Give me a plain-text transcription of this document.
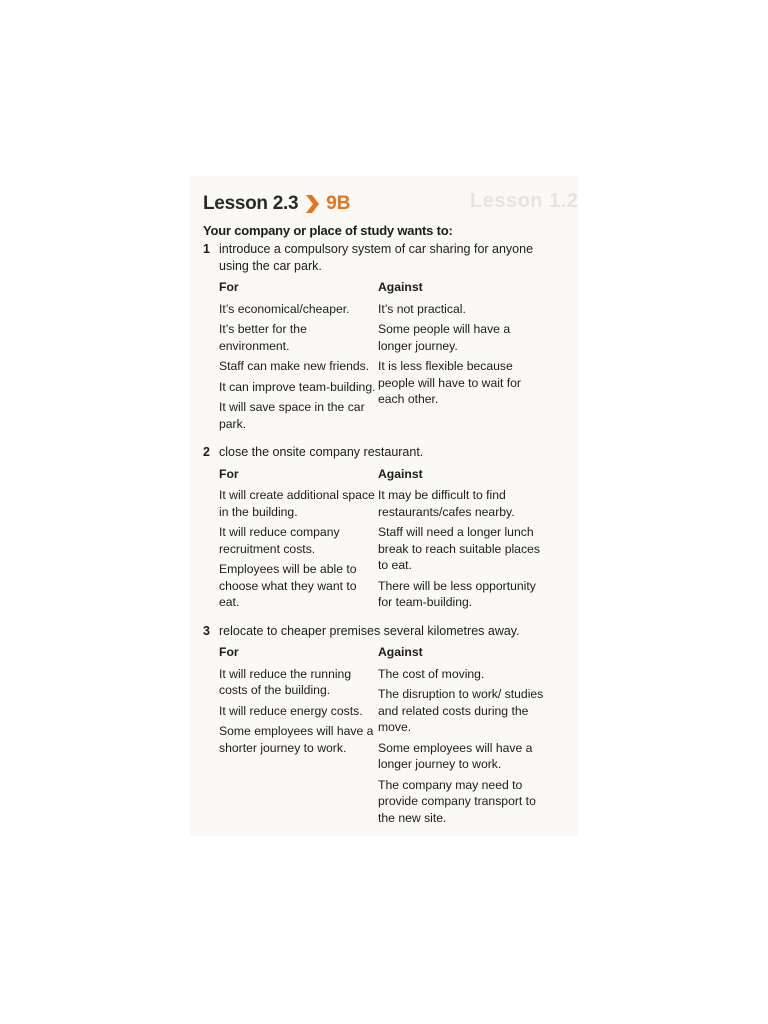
Lesson 1.2
Lesson 2.3 9B
Your company or place of study wants to:
1 introduce a compulsory system of car sharing for anyone using the car park.
For
It’s economical/cheaper.
It’s better for the environment.
Staff can make new friends.
It can improve team-building.
It will save space in the car park.
Against
It’s not practical.
Some people will have a longer journey.
It is less flexible because people will have to wait for each other.
2 close the onsite company restaurant.
For
It will create additional space in the building.
It will reduce company recruitment costs.
Employees will be able to choose what they want to eat.
Against
It may be difficult to find restaurants/cafes nearby.
Staff will need a longer lunch break to reach suitable places to eat.
There will be less opportunity for team-building.
3 relocate to cheaper premises several kilometres away.
For
It will reduce the running costs of the building.
It will reduce energy costs.
Some employees will have a shorter journey to work.
Against
The cost of moving.
The disruption to work/ studies and related costs during the move.
Some employees will have a longer journey to work.
The company may need to provide company transport to the new site.
